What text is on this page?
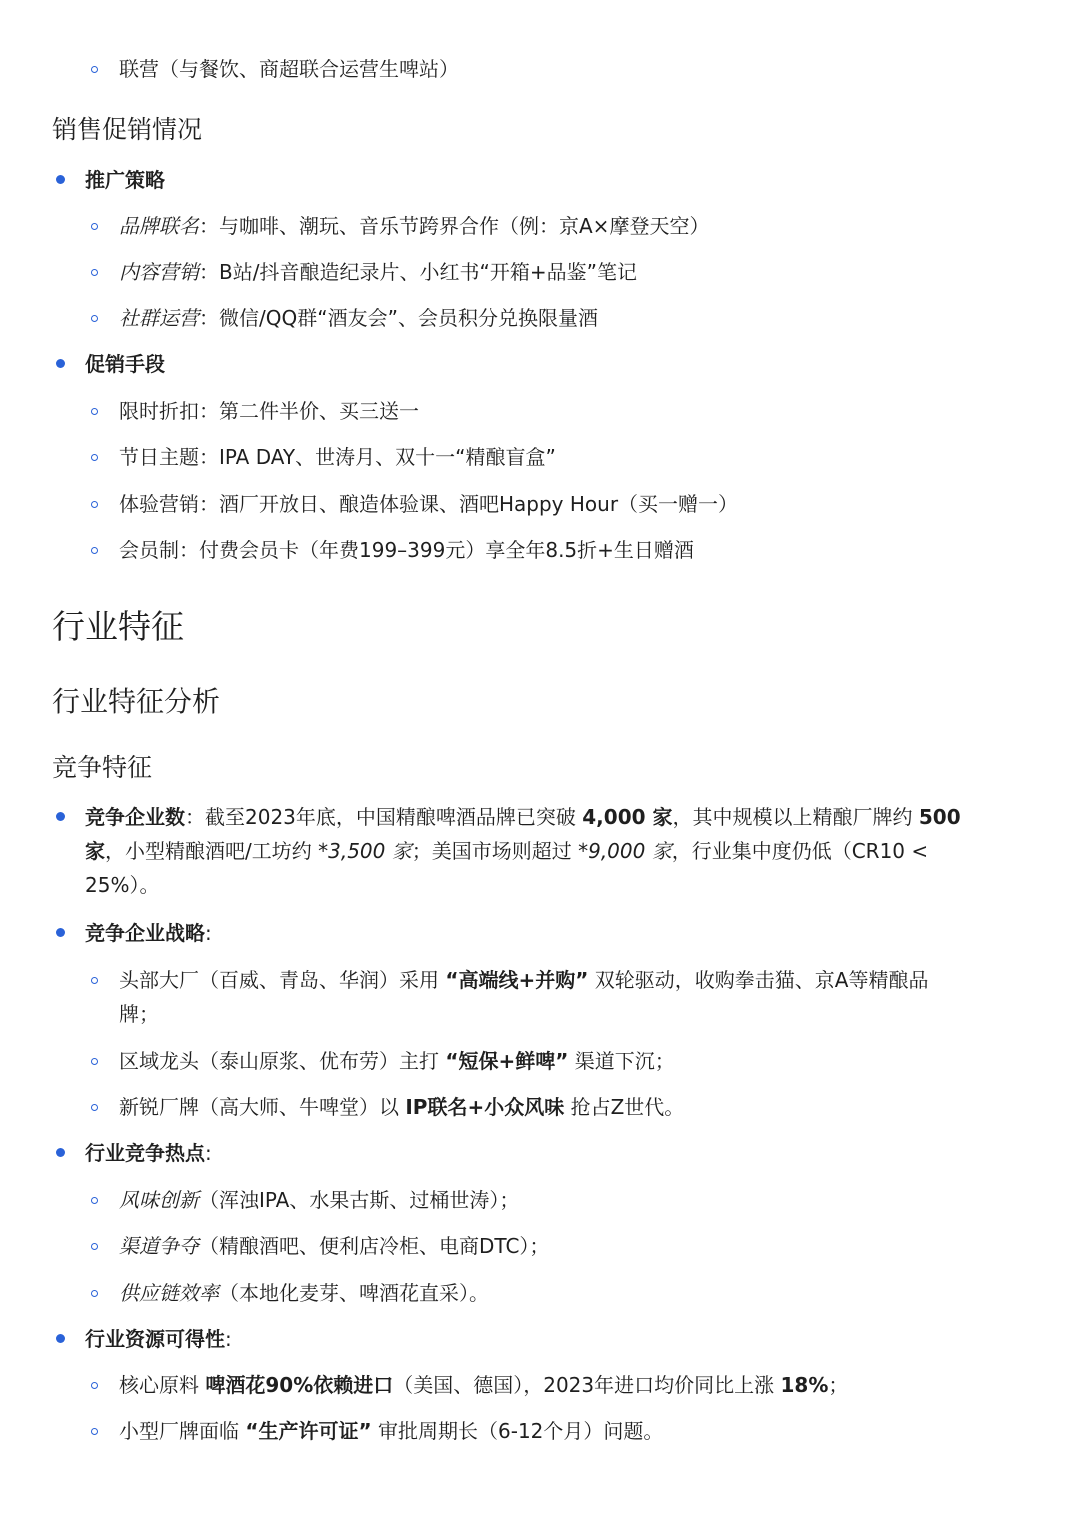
联营（与餐饮、商超联合运营生啤站）
销售促销情况
推广策略
品牌联名：与咖啡、潮玩、音乐节跨界合作（例：京A×摩登天空）
内容营销：B站/抖音酿造纪录片、小红书“开箱+品鉴”笔记
社群运营：微信/QQ群“酒友会”、会员积分兑换限量酒
促销手段
限时折扣：第二件半价、买三送一
节日主题：IPA DAY、世涛月、双十一“精酿盲盒”
体验营销：酒厂开放日、酿造体验课、酒吧Happy Hour（买一赠一）
会员制：付费会员卡（年费199–399元）享全年8.5折+生日赠酒
行业特征
行业特征分析
竞争特征
竞争企业数：截至2023年底，中国精酿啤酒品牌已突破 4,000 家，其中规模以上精酿厂牌约 500
家，小型精酿酒吧/工坊约 *3,500 家；美国市场则超过 *9,000 家，行业集中度仍低（CR10 <
25%）。
竞争企业战略:
头部大厂（百威、青岛、华润）采用 “高端线+并购” 双轮驱动，收购拳击猫、京A等精酿品
牌；
区域龙头（泰山原浆、优布劳）主打 “短保+鲜啤” 渠道下沉；
新锐厂牌（高大师、牛啤堂）以 IP联名+小众风味 抢占Z世代。
行业竞争热点:
风味创新（浑浊IPA、水果古斯、过桶世涛）；
渠道争夺（精酿酒吧、便利店冷柜、电商DTC）；
供应链效率（本地化麦芽、啤酒花直采）。
行业资源可得性:
核心原料 啤酒花90%依赖进口（美国、德国），2023年进口均价同比上涨 18%；
小型厂牌面临 “生产许可证” 审批周期长（6-12个月）问题。
